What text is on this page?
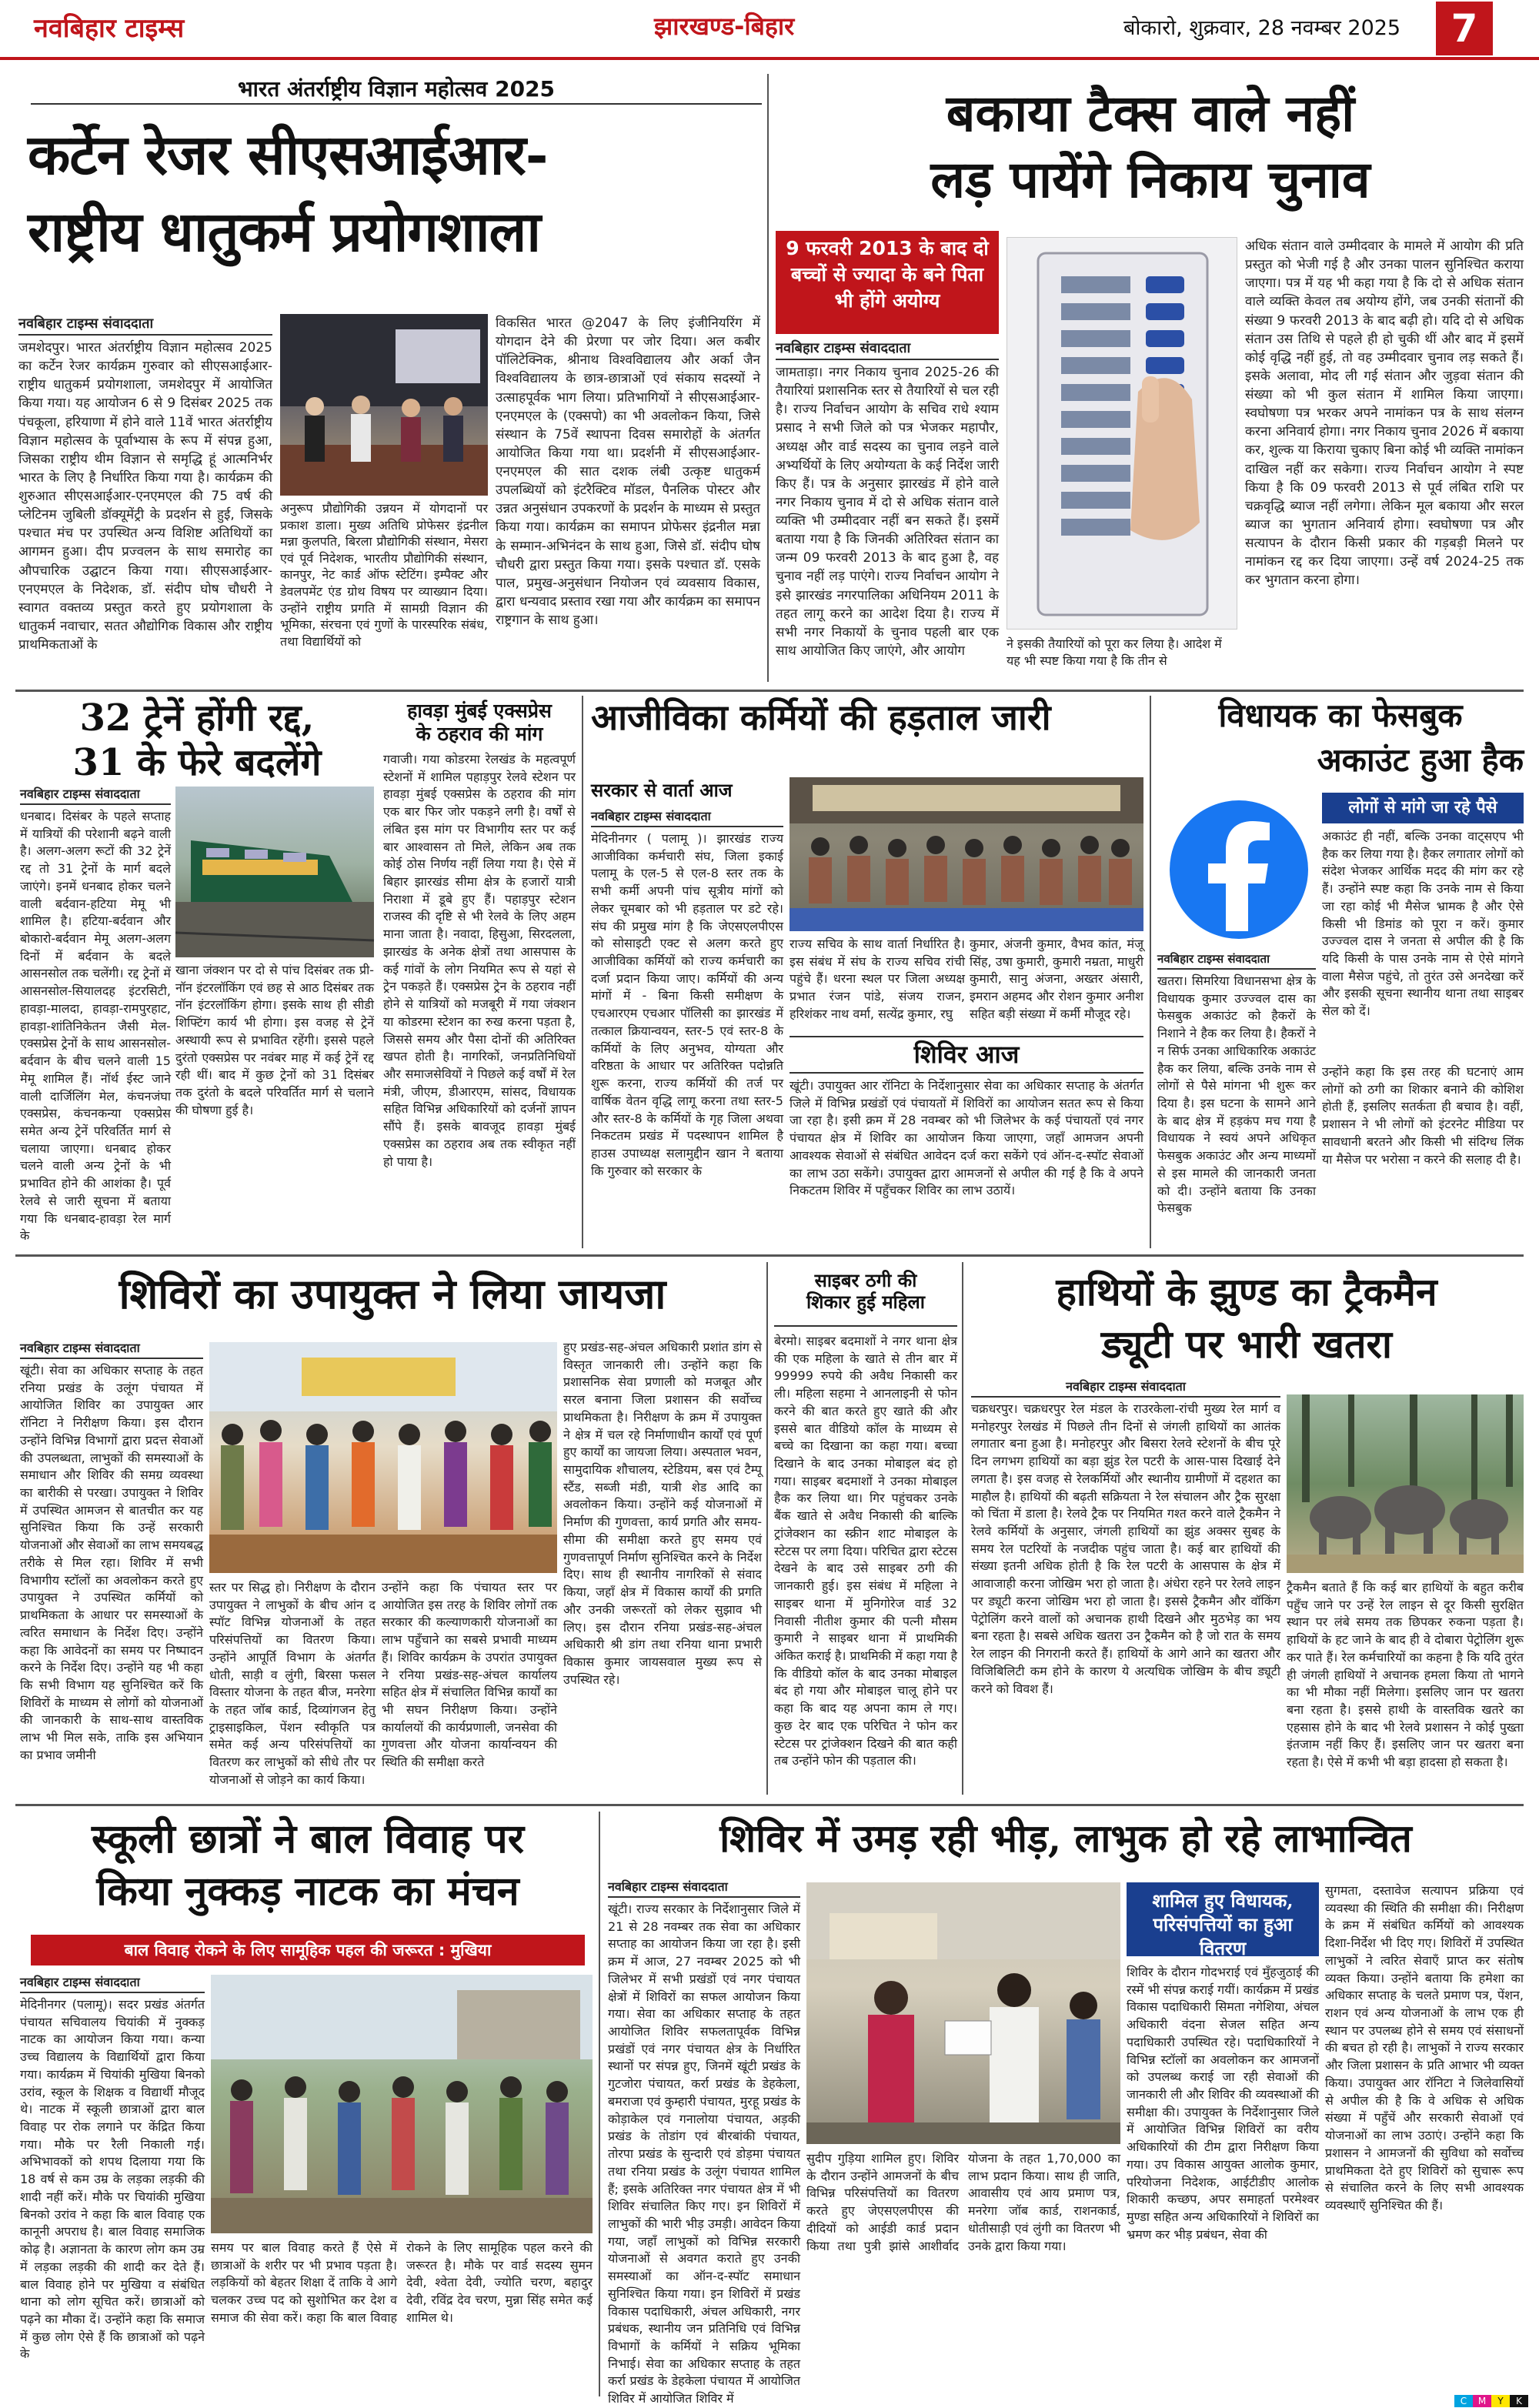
नवबिहार टाइम्स	झारखण्ड-बिहार	बोकारो, शुक्रवार, 28 नवम्बर 2025	7
भारत अंतर्राष्ट्रीय विज्ञान महोत्सव 2025
कर्टेन रेजर सीएसआईआर-
राष्ट्रीय धातुकर्म प्रयोगशाला
नवबिहार टाइम्स संवाददाता
जमशेदपुर। भारत अंतर्राष्ट्रीय विज्ञान महोत्सव 2025 का कर्टेन रेजर कार्यक्रम गुरुवार को सीएसआईआर-राष्ट्रीय धातुकर्म प्रयोगशाला, जमशेदपुर में आयोजित किया गया। यह आयोजन 6 से 9 दिसंबर 2025 तक पंचकूला, हरियाणा में होने वाले 11वें भारत अंतर्राष्ट्रीय विज्ञान महोत्सव के पूर्वाभ्यास के रूप में संपन्न हुआ, जिसका राष्ट्रीय थीम विज्ञान से समृद्धि हूं आत्मनिर्भर भारत के लिए है निर्धारित किया गया है। कार्यक्रम की शुरुआत सीएसआईआर-एनएमएल की 75 वर्ष की प्लेटिनम जुबिली डॉक्यूमेंट्री के प्रदर्शन से हुई, जिसके पश्चात मंच पर उपस्थित अन्य विशिष्ट अतिथियों का आगमन हुआ। दीप प्रज्वलन के साथ समारोह का औपचारिक उद्घाटन किया गया। सीएसआईआर-एनएमएल के निदेशक, डॉ. संदीप घोष चौधरी ने स्वागत वक्तव्य प्रस्तुत करते हुए प्रयोगशाला के धातुकर्म नवाचार, सतत औद्योगिक विकास और राष्ट्रीय प्राथमिकताओं के
अनुरूप प्रौद्योगिकी उन्नयन में योगदानों पर प्रकाश डाला। मुख्य अतिथि प्रोफेसर इंद्रनील मन्ना कुलपति, बिरला प्रौद्योगिकी संस्थान, मेसरा एवं पूर्व निदेशक, भारतीय प्रौद्योगिकी संस्थान, कानपुर, नेट कार्ड ऑफ स्टेटिंग। इम्पैक्ट और डेवलपमेंट एंड ग्रोथ विषय पर व्याख्यान दिया। उन्होंने राष्ट्रीय प्रगति में सामग्री विज्ञान की भूमिका, संरचना एवं गुणों के पारस्परिक संबंध, तथा विद्यार्थियों को
विकसित भारत @2047 के लिए इंजीनियरिंग में योगदान देने की प्रेरणा पर जोर दिया। अल कबीर पॉलिटेक्निक, श्रीनाथ विश्वविद्यालय और अर्का जैन विश्वविद्यालय के छात्र-छात्राओं एवं संकाय सदस्यों ने उत्साहपूर्वक भाग लिया। प्रतिभागियों ने सीएसआईआर-एनएमएल के (एक्सपो) का भी अवलोकन किया, जिसे संस्थान के 75वें स्थापना दिवस समारोहों के अंतर्गत आयोजित किया गया था। प्रदर्शनी में सीएसआईआर-एनएमएल की सात दशक लंबी उत्कृष्ट धातुकर्म उपलब्धियों को इंटरैक्टिव मॉडल, पैनलिक पोस्टर और उन्नत अनुसंधान उपकरणों के प्रदर्शन के माध्यम से प्रस्तुत किया गया। कार्यक्रम का समापन प्रोफेसर इंद्रनील मन्ना के सम्मान-अभिनंदन के साथ हुआ, जिसे डॉ. संदीप घोष चौधरी द्वारा प्रस्तुत किया गया। इसके पश्चात डॉ. एसके पाल, प्रमुख-अनुसंधान नियोजन एवं व्यवसाय विकास, द्वारा धन्यवाद प्रस्ताव रखा गया और कार्यक्रम का समापन राष्ट्रगान के साथ हुआ।
बकाया टैक्स वाले नहीं
लड़ पायेंगे निकाय चुनाव
9 फरवरी 2013 के बाद दो बच्चों से ज्यादा के बने पिता भी होंगे अयोग्य
नवबिहार टाइम्स संवाददाता
जामताड़ा। नगर निकाय चुनाव 2025-26 की तैयारियां प्रशासनिक स्तर से तैयारियों से चल रही है। राज्य निर्वाचन आयोग के सचिव राधे श्याम प्रसाद ने सभी जिले को पत्र भेजकर महापौर, अध्यक्ष और वार्ड सदस्य का चुनाव लड़ने वाले अभ्यर्थियों के लिए अयोग्यता के कई निर्देश जारी किए हैं। पत्र के अनुसार झारखंड में होने वाले नगर निकाय चुनाव में दो से अधिक संतान वाले व्यक्ति भी उम्मीदवार नहीं बन सकते हैं। इसमें बताया गया है कि जिनकी अतिरिक्त संतान का जन्म 09 फरवरी 2013 के बाद हुआ है, वह चुनाव नहीं लड़ पाएंगे। राज्य निर्वाचन आयोग ने इसे झारखंड नगरपालिका अधिनियम 2011 के तहत लागू करने का आदेश दिया है। राज्य में सभी नगर निकायों के चुनाव पहली बार एक साथ आयोजित किए जाएंगे, और आयोग	ने इसकी तैयारियों को पूरा कर लिया है। आदेश में यह भी स्पष्ट किया गया है कि तीन से
अधिक संतान वाले उम्मीदवार के मामले में आयोग की प्रति प्रस्तुत को भेजी गई है और उनका पालन सुनिश्चित कराया जाएगा। पत्र में यह भी कहा गया है कि दो से अधिक संतान वाले व्यक्ति केवल तब अयोग्य होंगे, जब उनकी संतानों की संख्या 9 फरवरी 2013 के बाद बढ़ी हो। यदि दो से अधिक संतान उस तिथि से पहले ही हो चुकी थीं और बाद में इसमें कोई वृद्धि नहीं हुई, तो वह उम्मीदवार चुनाव लड़ सकते हैं। इसके अलावा, मोद ली गई संतान और जुड़वा संतान की संख्या को भी कुल संतान में शामिल किया जाएगा। स्वघोषणा पत्र भरकर अपने नामांकन पत्र के साथ संलग्न करना अनिवार्य होगा। नगर निकाय चुनाव 2026 में बकाया कर, शुल्क या किराया चुकाए बिना कोई भी व्यक्ति नामांकन दाखिल नहीं कर सकेगा। राज्य निर्वाचन आयोग ने स्पष्ट किया है कि 09 फरवरी 2013 से पूर्व लंबित राशि पर चक्रवृद्धि ब्याज नहीं लगेगा। लेकिन मूल बकाया और सरल ब्याज का भुगतान अनिवार्य होगा। स्वघोषणा पत्र और सत्यापन के दौरान किसी प्रकार की गड़बड़ी मिलने पर नामांकन रद्द कर दिया जाएगा। उन्हें वर्ष 2024-25 तक कर भुगतान करना होगा।
32 ट्रेनें होंगी रद्द,
31 के फेरे बदलेंगे
नवबिहार टाइम्स संवाददाता
धनबाद। दिसंबर के पहले सप्ताह में यात्रियों की परेशानी बढ़ने वाली है। अलग-अलग रूटों की 32 ट्रेनें रद्द तो 31 ट्रेनों के मार्ग बदले जाएंगे। इनमें धनबाद होकर चलने वाली बर्दवान-हटिया मेमू भी शामिल है। हटिया-बर्दवान और बोकारो-बर्दवान मेमू अलग-अलग दिनों में बर्दवान के बदले आसनसोल तक चलेंगी। रद्द ट्रेनों में आसनसोल-सियालदह इंटरसिटी, हावड़ा-मालदा, हावड़ा-रामपुरहाट, हावड़ा-शांतिनिकेतन जैसी मेल-एक्सप्रेस ट्रेनों के साथ आसनसोल-बर्दवान के बीच चलने वाली 15 मेमू शामिल हैं। नॉर्थ ईस्ट जाने वाली दार्जिलिंग मेल, कंचनजंघा एक्सप्रेस, कंचनकन्या एक्सप्रेस समेत अन्य ट्रेनें परिवर्तित मार्ग से चलाया जाएगा। धनबाद होकर चलने वाली अन्य ट्रेनों के भी प्रभावित होने की आशंका है। पूर्व रेलवे से जारी सूचना में बताया गया कि धनबाद-हावड़ा रेल मार्ग के
खाना जंक्शन पर दो से पांच दिसंबर तक प्री-नॉन इंटरलॉकिंग एवं छह से आठ दिसंबर तक नॉन इंटरलॉकिंग होगा। इसके साथ ही सीडी शिफ्टिंग कार्य भी होगा। इस वजह से ट्रेनें अस्थायी रूप से प्रभावित रहेंगी। इससे पहले दुरंतो एक्सप्रेस पर नवंबर माह में कई ट्रेनें रद्द रही थीं। बाद में कुछ ट्रेनों को 31 दिसंबर तक दुरंतो के बदले परिवर्तित मार्ग से चलाने की घोषणा हुई है।
हावड़ा मुंबई एक्सप्रेस
के ठहराव की मांग
गवाजी। गया कोडरमा रेलखंड के महत्वपूर्ण स्टेशनों में शामिल पहाड़पुर रेलवे स्टेशन पर हावड़ा मुंबई एक्सप्रेस के ठहराव की मांग एक बार फिर जोर पकड़ने लगी है। वर्षों से लंबित इस मांग पर विभागीय स्तर पर कई बार आश्वासन तो मिले, लेकिन अब तक कोई ठोस निर्णय नहीं लिया गया है। ऐसे में बिहार झारखंड सीमा क्षेत्र के हजारों यात्री निराशा में डूबे हुए हैं। पहाड़पुर स्टेशन राजस्व की दृष्टि से भी रेलवे के लिए अहम माना जाता है। नवादा, हिसुआ, सिरदलला, झारखंड के अनेक क्षेत्रों तथा आसपास के कई गांवों के लोग नियमित रूप से यहां से ट्रेन पकड़ते हैं। एक्सप्रेस ट्रेन के ठहराव नहीं होने से यात्रियों को मजबूरी में गया जंक्शन या कोडरमा स्टेशन का रुख करना पड़ता है, जिससे समय और पैसा दोनों की अतिरिक्त खपत होती है। नागरिकों, जनप्रतिनिधियों और समाजसेवियों ने पिछले कई वर्षों में रेल मंत्री, जीएम, डीआरएम, सांसद, विधायक सहित विभिन्न अधिकारियों को दर्जनों ज्ञापन सौंपे हैं। इसके बावजूद हावड़ा मुंबई एक्सप्रेस का ठहराव अब तक स्वीकृत नहीं हो पाया है।
आजीविका कर्मियों की हड़ताल जारी
सरकार से वार्ता आज
नवबिहार टाइम्स संवाददाता
मेदिनीनगर ( पलामू )। झारखंड राज्य आजीविका कर्मचारी संघ, जिला इकाई पलामू के एल-5 से एल-8 स्तर तक के सभी कर्मी अपनी पांच सूत्रीय मांगों को लेकर चूमबार को भी हड़ताल पर डटे रहे। संघ की प्रमुख मांग है कि जेएसएलपीएस को सोसाइटी एक्ट से अलग करते हुए आजीविका कर्मियों को राज्य कर्मचारी का दर्जा प्रदान किया जाए। कर्मियों की अन्य मांगों में - बिना किसी समीक्षण के एचआरएम एचआर पॉलिसी का झारखंड में तत्काल क्रियान्वयन, स्तर-5 एवं स्तर-8 के कर्मियों के लिए अनुभव, योग्यता और वरिष्ठता के आधार पर अतिरिक्त पदोन्नति शुरू करना, राज्य कर्मियों की तर्ज पर वार्षिक वेतन वृद्धि लागू करना तथा स्तर-5 और स्तर-8 के कर्मियों के गृह जिला अथवा निकटतम प्रखंड में पदस्थापन शामिल है हाउस उपाध्यक्ष सलामुद्दीन खान ने बताया कि गुरुवार को सरकार के
राज्य सचिव के साथ वार्ता निर्धारित है। इस संबंध में संघ के राज्य सचिव रांची पहुंचे हैं। धरना स्थल पर जिला अध्यक्ष प्रभात रंजन पांडे, संजय राजन, हरिशंकर नाथ वर्मा, सत्येंद्र कुमार, रघु
कुमार, अंजनी कुमार, वैभव कांत, मंजू सिंह, उषा कुमारी, कुमारी नम्रता, माधुरी कुमारी, सानु अंजना, अख्तर अंसारी, इमरान अहमद और रोशन कुमार अनीश सहित बड़ी संख्या में कर्मी मौजूद रहे।
शिविर आज
खूंटी। उपायुक्त आर रॉनिटा के निर्देशानुसार सेवा का अधिकार सप्ताह के अंतर्गत जिले में विभिन्न प्रखंडों एवं पंचायतों में शिविरों का आयोजन सतत रूप से किया जा रहा है। इसी क्रम में 28 नवम्बर को भी जिलेभर के कई पंचायतों एवं नगर पंचायत क्षेत्र में शिविर का आयोजन किया जाएगा, जहाँ आमजन अपनी आवश्यक सेवाओं से संबंधित आवेदन दर्ज करा सकेंगे एवं ऑन-द-स्पॉट सेवाओं का लाभ उठा सकेंगे। उपायुक्त द्वारा आमजनों से अपील की गई है कि वे अपने निकटतम शिविर में पहुँचकर शिविर का लाभ उठायें।
विधायक का फेसबुक
अकाउंट हुआ हैक
लोगों से मांगे जा रहे पैसे
अकाउंट ही नहीं, बल्कि उनका वाट्सएप भी हैक कर लिया गया है। हैकर लगातार लोगों को संदेश भेजकर आर्थिक मदद की मांग कर रहे हैं। उन्होंने स्पष्ट कहा कि उनके नाम से किया जा रहा कोई भी मैसेज भ्रामक है और ऐसे किसी भी डिमांड को पूरा न करें। कुमार उज्ज्वल दास ने जनता से अपील की है कि यदि किसी के पास उनके नाम से ऐसे मांगने वाला मैसेज पहुंचे, तो तुरंत उसे अनदेखा करें और इसकी सूचना स्थानीय थाना तथा साइबर सेल को दें।
नवबिहार टाइम्स संवाददाता
खतरा। सिमरिया विधानसभा क्षेत्र के विधायक कुमार उज्ज्वल दास का फेसबुक अकाउंट को हैकरों के निशाने ने हैक कर लिया है। हैकरों ने न सिर्फ उनका आधिकारिक अकाउंट हैक कर लिया, बल्कि उनके नाम से लोगों से पैसे मांगना भी शुरू कर दिया है। इस घटना के सामने आने के बाद क्षेत्र में हड़कंप मच गया है विधायक ने स्वयं अपने अधिकृत फेसबुक अकाउंट और अन्य माध्यमों से इस मामले की जानकारी जनता को दी। उन्होंने बताया कि उनका फेसबुक
उन्होंने कहा कि इस तरह की घटनाएं आम लोगों को ठगी का शिकार बनाने की कोशिश होती हैं, इसलिए सतर्कता ही बचाव है। वहीं, प्रशासन ने भी लोगों को इंटरनेट मीडिया पर सावधानी बरतने और किसी भी संदिग्ध लिंक या मैसेज पर भरोसा न करने की सलाह दी है।
शिविरों का उपायुक्त ने लिया जायजा
नवबिहार टाइम्स संवाददाता
खूंटी। सेवा का अधिकार सप्ताह के तहत रनिया प्रखंड के उलूंग पंचायत में आयोजित शिविर का उपायुक्त आर रॉनिटा ने निरीक्षण किया। इस दौरान उन्होंने विभिन्न विभागों द्वारा प्रदत्त सेवाओं की उपलब्धता, लाभुकों की समस्याओं के समाधान और शिविर की समग्र व्यवस्था का बारीकी से परखा। उपायुक्त ने शिविर में उपस्थित आमजन से बातचीत कर यह सुनिश्चित किया कि उन्हें सरकारी योजनाओं और सेवाओं का लाभ समयबद्ध तरीके से मिल रहा। शिविर में सभी विभागीय स्टॉलों का अवलोकन करते हुए उपायुक्त ने उपस्थित कर्मियों को प्राथमिकता के आधार पर समस्याओं के त्वरित समाधान के निर्देश दिए। उन्होंने कहा कि आवेदनों का समय पर निष्पादन करने के निर्देश दिए। उन्होंने यह भी कहा कि सभी विभाग यह सुनिश्चित करें कि शिविरों के माध्यम से लोगों को योजनाओं की जानकारी के साथ-साथ वास्तविक लाभ भी मिल सके, ताकि इस अभियान का प्रभाव जमीनी
स्तर पर सिद्ध हो। निरीक्षण के दौरान उपायुक्त ने लाभुकों के बीच आंन द स्पॉट विभिन्न योजनाओं के तहत परिसंपत्तियों का वितरण किया। उन्होंने आपूर्ति विभाग के अंतर्गत धोती, साड़ी व लुंगी, बिरसा फसल विस्तार योजना के तहत बीज, मनरेगा के तहत जॉब कार्ड, दिव्यांगजन हेतु ट्राइसाइकिल, पेंशन स्वीकृति पत्र समेत कई अन्य परिसंपत्तियों का वितरण कर लाभुकों को सीधे तौर पर योजनाओं से जोड़ने का कार्य किया।
उन्होंने कहा कि पंचायत स्तर पर आयोजित इस तरह के शिविर लोगों तक सरकार की कल्याणकारी योजनाओं का लाभ पहुँचाने का सबसे प्रभावी माध्यम हैं। शिविर कार्यक्रम के उपरांत उपायुक्त ने रनिया प्रखंड-सह-अंचल कार्यालय सहित क्षेत्र में संचालित विभिन्न कार्यों का भी सघन निरीक्षण किया। उन्होंने कार्यालयों की कार्यप्रणाली, जनसेवा की गुणवत्ता और योजना कार्यान्वयन की स्थिति की समीक्षा करते
हुए प्रखंड-सह-अंचल अधिकारी प्रशांत डांग से विस्तृत जानकारी ली। उन्होंने कहा कि प्रशासनिक सेवा प्रणाली को मजबूत और सरल बनाना जिला प्रशासन की सर्वोच्च प्राथमिकता है। निरीक्षण के क्रम में उपायुक्त ने क्षेत्र में चल रहे निर्माणाधीन कार्यों एवं पूर्ण हुए कार्यों का जायजा लिया। अस्पताल भवन, सामुदायिक शौचालय, स्टेडियम, बस एवं टैम्पू स्टैंड, सब्जी मंडी, यात्री शेड आदि का अवलोकन किया। उन्होंने कई योजनाओं में निर्माण की गुणवत्ता, कार्य प्रगति और समय-सीमा की समीक्षा करते हुए समय एवं गुणवत्तापूर्ण निर्माण सुनिश्चित करने के निर्देश दिए। साथ ही स्थानीय नागरिकों से संवाद किया, जहाँ क्षेत्र में विकास कार्यों की प्रगति और उनकी जरूरतों को लेकर सुझाव भी लिए। इस दौरान रनिया प्रखंड-सह-अंचल अधिकारी श्री डांग तथा रनिया थाना प्रभारी विकास कुमार जायसवाल मुख्य रूप से उपस्थित रहे।
साइबर ठगी की
शिकार हुई महिला
बेरमो। साइबर बदमाशों ने नगर थाना क्षेत्र की एक महिला के खाते से तीन बार में 99999 रुपये की अवैध निकासी कर ली। महिला सहमा ने आनलाइनी से फोन करने की बात करते हुए खाते की और इससे बात वीडियो कॉल के माध्यम से बच्चे का दिखाना का कहा गया। बच्चा दिखाने के बाद उनका मोबाइल बंद हो गया। साइबर बदमाशों ने उनका मोबाइल हैक कर लिया था। गिर पहुंचकर उनके बैंक खाते से अवैध निकासी की बाल्कि ट्रांजेक्शन का स्क्रीन शाट मोबाइल के स्टेटस पर लगा दिया। परिचित द्वारा स्टेटस देखने के बाद उसे साइबर ठगी की जानकारी हुई। इस संबंध में महिला ने साइबर थाना में मुनिगोरेज वार्ड 32 निवासी नीतीश कुमार की पत्नी मौसम कुमारी ने साइबर थाना में प्राथमिकी अंकित कराई है। प्राथमिकी में कहा गया है कि वीडियो कॉल के बाद उनका मोबाइल बंद हो गया और मोबाइल चालू होने पर कहा कि बाद यह अपना काम ले गए। कुछ देर बाद एक परिचित ने फोन कर स्टेटस पर ट्रांजेक्शन दिखने की बात कही तब उन्होंने फोन की पड़ताल की।
हाथियों के झुण्ड का ट्रैकमैन
ड्यूटी पर भारी खतरा
नवबिहार टाइम्स संवाददाता
चक्रधरपुर। चक्रधरपुर रेल मंडल के राउरकेला-रांची मुख्य रेल मार्ग व मनोहरपुर रेलखंड में पिछले तीन दिनों से जंगली हाथियों का आतंक लगातार बना हुआ है। मनोहरपुर और बिसरा रेलवे स्टेशनों के बीच पूरे दिन लगभग हाथियों का बड़ा झुंड रेल पटरी के आस-पास दिखाई देने लगता है। इस वजह से रेलकर्मियों और स्थानीय ग्रामीणों में दहशत का माहौल है। हाथियों की बढ़ती सक्रियता ने रेल संचालन और ट्रैक सुरक्षा को चिंता में डाला है। रेलवे ट्रैक पर नियमित गश्त करने वाले ट्रैकमैन ने रेलवे कर्मियों के अनुसार, जंगली हाथियों का झुंड अक्सर सुबह के समय रेल पटरियों के नजदीक पहुंच जाता है। कई बार हाथियों की संख्या इतनी अधिक होती है कि रेल पटरी के आसपास के क्षेत्र में आवाजाही करना जोखिम भरा हो जाता है। अंधेरा रहने पर रेलवे लाइन पर ड्यूटी करना जोखिम भरा हो जाता है। इससे ट्रैकमैन और वॉकिंग पेट्रोलिंग करने वालों को अचानक हाथी दिखने और मुठभेड़ का भय बना रहता है। सबसे अधिक खतरा उन ट्रैकमैन को है जो रात के समय रेल लाइन की निगरानी करते हैं। हाथियों के आगे आने का खतरा और विजिबिलिटी कम होने के कारण ये अत्यधिक जोखिम के बीच ड्यूटी करने को विवश हैं।
ट्रैकमैन बताते हैं कि कई बार हाथियों के बहुत करीब पहुँच जाने पर उन्हें रेल लाइन से दूर किसी सुरक्षित स्थान पर लंबे समय तक छिपकर रुकना पड़ता है। हाथियों के हट जाने के बाद ही वे दोबारा पेट्रोलिंग शुरू कर पाते हैं। रेल कर्मचारियों का कहना है कि यदि तुरंत ही जंगली हाथियों ने अचानक हमला किया तो भागने का भी मौका नहीं मिलेगा। इसलिए जान पर खतरा बना रहता है। इससे हाथी के वास्तविक खतरे का एहसास होने के बाद भी रेलवे प्रशासन ने कोई पुख्ता इंतजाम नहीं किए हैं। इसलिए जान पर खतरा बना रहता है। ऐसे में कभी भी बड़ा हादसा हो सकता है।
स्कूली छात्रों ने बाल विवाह पर
किया नुक्कड़ नाटक का मंचन
बाल विवाह रोकने के लिए सामूहिक पहल की जरूरत : मुखिया
नवबिहार टाइम्स संवाददाता
मेदिनीनगर (पलामू)। सदर प्रखंड अंतर्गत पंचायत सचिवालय चियांकी में नुक्कड़ नाटक का आयोजन किया गया। कन्या उच्च विद्यालय के विद्यार्थियों द्वारा किया गया। कार्यक्रम में चियांकी मुखिया बिनको उरांव, स्कूल के शिक्षक व विद्यार्थी मौजूद थे। नाटक में स्कूली छात्राओं द्वारा बाल विवाह पर रोक लगाने पर केंद्रित किया गया। मौके पर रैली निकाली गई। अभिभावकों को शपथ दिलाया गया कि 18 वर्ष से कम उम्र के लड़का लड़की की शादी नहीं करें। मौके पर चियांकी मुखिया बिनको उरांव ने कहा कि बाल विवाह एक कानूनी अपराध है। बाल विवाह समाजिक कोढ़ है। अज्ञानता के कारण लोग कम उम्र में लड़का लड़की की शादी कर देते हैं। बाल विवाह होने पर मुखिया व संबंधित थाना को लोग सूचित करें। छात्राओं को पढ़ने का मौका दें। उन्होंने कहा कि समाज में कुछ लोग ऐसे हैं कि छात्राओं को पढ़ने के
समय पर बाल विवाह करते हैं ऐसे में छात्राओं के शरीर पर भी प्रभाव पड़ता है। लड़कियों को बेहतर शिक्षा दें ताकि वे आगे चलकर उच्च पद को सुशोभित कर देश व समाज की सेवा करें। कहा कि बाल विवाह रोकने के लिए सामूहिक पहल करने की जरूरत है। मौके पर वार्ड सदस्य सुमन देवी, श्वेता देवी, ज्योति चरण, बहादुर देवी, रविंद्र देव चरण, मुन्ना सिंह समेत कई शामिल थे।
शिविर में उमड़ रही भीड़, लाभुक हो रहे लाभान्वित
नवबिहार टाइम्स संवाददाता
खूंटी। राज्य सरकार के निर्देशानुसार जिले में 21 से 28 नवम्बर तक सेवा का अधिकार सप्ताह का आयोजन किया जा रहा है। इसी क्रम में आज, 27 नवम्बर 2025 को भी जिलेभर में सभी प्रखंडों एवं नगर पंचायत क्षेत्रों में शिविरों का सफल आयोजन किया गया। सेवा का अधिकार सप्ताह के तहत आयोजित शिविर सफलतापूर्वक विभिन्न प्रखंडों एवं नगर पंचायत क्षेत्र के निर्धारित स्थानों पर संपन्न हुए, जिनमें खूंटी प्रखंड के गुटजोरा पंचायत, कर्रा प्रखंड के डेहकेला, बमराजा एवं कुम्हारी पंचायत, मुरहू प्रखंड के कोड़ाकेल एवं गनालोया पंचायत, अड़की प्रखंड के तोडांग एवं बीरबांकी पंचायत, तोरपा प्रखंड के सुन्दारी एवं डोड़मा पंचायत तथा रनिया प्रखंड के उलूंग पंचायत शामिल हैं; इसके अतिरिक्त नगर पंचायत क्षेत्र में भी शिविर संचालित किए गए। इन शिविरों में लाभुकों की भारी भीड़ उमड़ी। आवेदन किया गया, जहाँ लाभुकों को विभिन्न सरकारी योजनाओं से अवगत कराते हुए उनकी समस्याओं का ऑन-द-स्पॉट समाधान सुनिश्चित किया गया। इन शिविरों में प्रखंड विकास पदाधिकारी, अंचल अधिकारी, नगर प्रबंधक, स्थानीय जन प्रतिनिधि एवं विभिन्न विभागों के कर्मियों ने सक्रिय भूमिका निभाई। सेवा का अधिकार सप्ताह के तहत कर्रा प्रखंड के डेहकेला पंचायत में आयोजित शिविर में आयोजित शिविर में
सुदीप गुड़िया शामिल हुए। शिविर के दौरान उन्होंने आमजनों के बीच विभिन्न परिसंपत्तियों का वितरण करते हुए जेएसएलपीएस की दीदियों को आईडी कार्ड प्रदान किया तथा पुत्री झांसे आशीर्वाद योजना के तहत 1,70,000 का लाभ प्रदान किया। साथ ही जाति, आवासीय एवं आय प्रमाण पत्र, मनरेगा जॉब कार्ड, राशनकार्ड, धोतीसाड़ी एवं लुंगी का वितरण भी उनके द्वारा किया गया।
शामिल हुए विधायक, परिसंपत्तियों का हुआ वितरण
शिविर के दौरान गोदभराई एवं मुँहजुठाई की रस्में भी संपन्न कराई गयीं। कार्यक्रम में प्रखंड विकास पदाधिकारी सिमता नगेशिया, अंचल अधिकारी वंदना सेजल सहित अन्य पदाधिकारी उपस्थित रहे। पदाधिकारियों ने विभिन्न स्टॉलों का अवलोकन कर आमजनों को उपलब्ध कराई जा रही सेवाओं की जानकारी ली और शिविर की व्यवस्थाओं की समीक्षा की। उपायुक्त के निर्देशानुसार जिले में आयोजित विभिन्न शिविरों का वरीय अधिकारियों की टीम द्वारा निरीक्षण किया गया। उप विकास आयुक्त आलोक कुमार, परियोजना निदेशक, आईटीडीए आलोक शिकारी कच्छप, अपर समाहर्ता परमेश्वर मुण्डा सहित अन्य अधिकारियों ने शिविरों का भ्रमण कर भीड़ प्रबंधन, सेवा की
सुगमता, दस्तावेज सत्यापन प्रक्रिया एवं व्यवस्था की स्थिति की समीक्षा की। निरीक्षण के क्रम में संबंधित कर्मियों को आवश्यक दिशा-निर्देश भी दिए गए। शिविरों में उपस्थित लाभुकों ने त्वरित सेवाएँ प्राप्त कर संतोष व्यक्त किया। उन्होंने बताया कि हमेशा का अधिकार सप्ताह के चलते प्रमाण पत्र, पेंशन, राशन एवं अन्य योजनाओं के लाभ एक ही स्थान पर उपलब्ध होने से समय एवं संसाधनों की बचत हो रही है। लाभुकों ने राज्य सरकार और जिला प्रशासन के प्रति आभार भी व्यक्त किया। उपायुक्त आर रॉनिटा ने जिलेवासियों से अपील की है कि वे अधिक से अधिक संख्या में पहुँचें और सरकारी सेवाओं एवं योजनाओं का लाभ उठाएं। उन्होंने कहा कि प्रशासन ने आमजनों की सुविधा को सर्वोच्च प्राथमिकता देते हुए शिविरों को सुचारू रूप से संचालित करने के लिए सभी आवश्यक व्यवस्थाएँ सुनिश्चित की हैं।
C	M	Y	K
